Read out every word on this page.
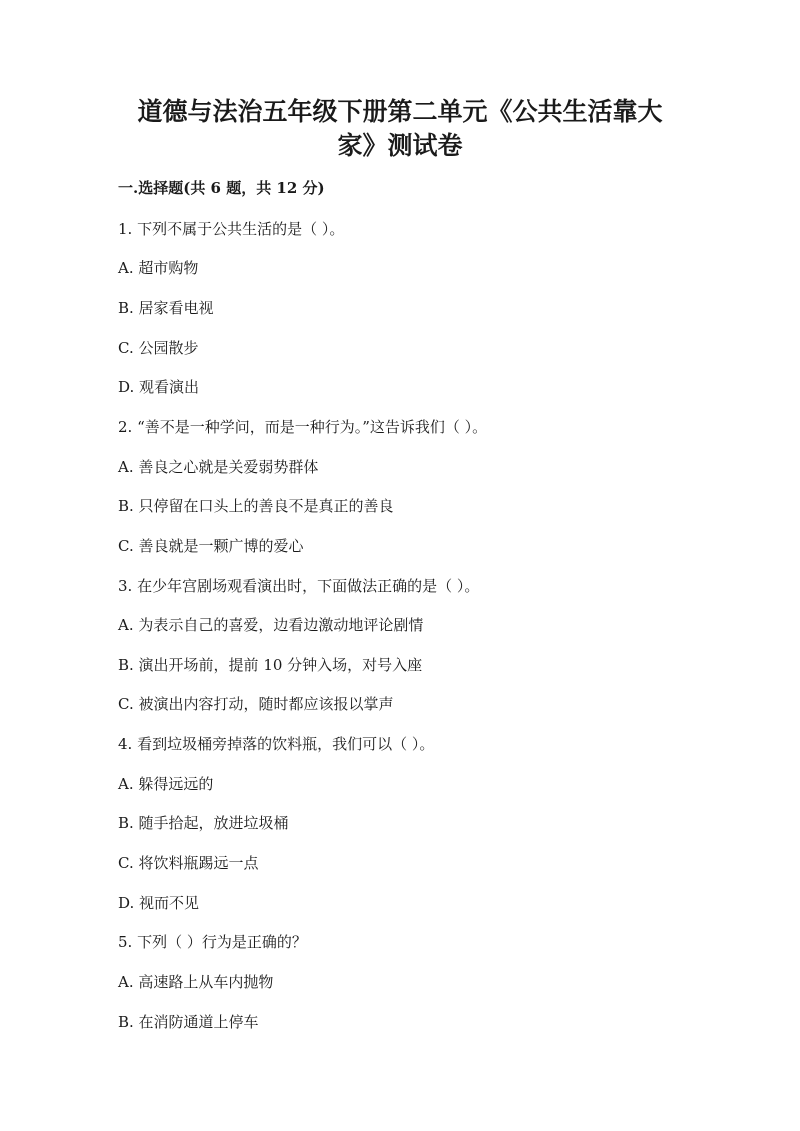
道德与法治五年级下册第二单元《公共生活靠大
家》测试卷
一.选择题(共 6 题，共 12 分)
1. 下列不属于公共生活的是（ ）。
A. 超市购物
B. 居家看电视
C. 公园散步
D. 观看演出
2. “善不是一种学问，而是一种行为。”这告诉我们（ ）。
A. 善良之心就是关爱弱势群体
B. 只停留在口头上的善良不是真正的善良
C. 善良就是一颗广博的爱心
3. 在少年宫剧场观看演出时，下面做法正确的是（ ）。
A. 为表示自己的喜爱，边看边激动地评论剧情
B. 演出开场前，提前 10 分钟入场，对号入座
C. 被演出内容打动，随时都应该报以掌声
4. 看到垃圾桶旁掉落的饮料瓶，我们可以（ ）。
A. 躲得远远的
B. 随手拾起，放进垃圾桶
C. 将饮料瓶踢远一点
D. 视而不见
5. 下列（ ）行为是正确的？
A. 高速路上从车内抛物
B. 在消防通道上停车
